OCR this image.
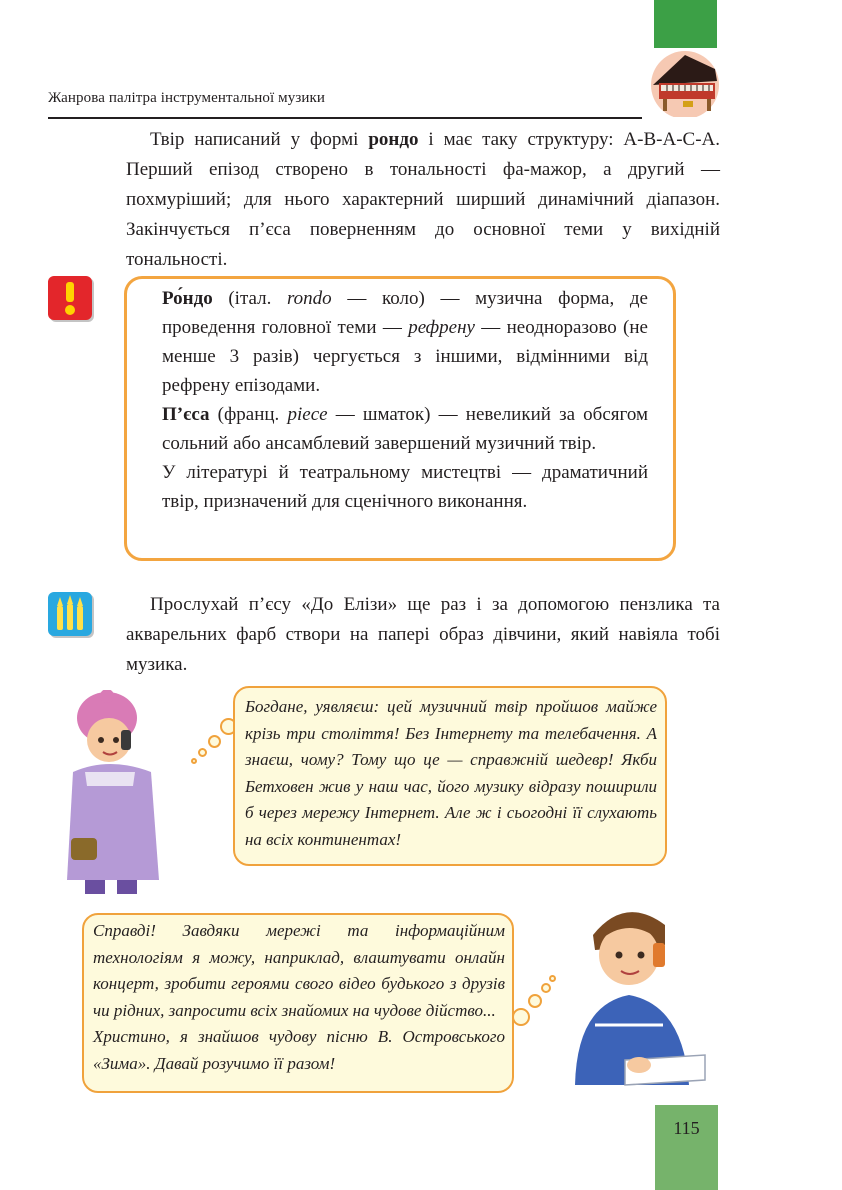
Жанрова палітра інструментальної музики

Твір написаний у формі рондо і має таку структуру: А-В-А-С-А. Перший епізод створено в тональності фа-мажор, а другий — похмуріший; для нього характерний ширший динамічний діапазон. Закінчується п’єса поверненням до основної теми у вихідній тональності.

Ро́ндо (італ. rondo — коло) — музична форма, де проведення головної теми — рефрену — неодноразово (не менше 3 разів) чергується з іншими, відмінними від рефрену епізодами.

П’єса (франц. piece — шматок) — невеликий за обсягом сольний або ансамблевий завершений музичний твір.

У літературі й театральному мистецтві — драматичний твір, призначений для сценічного виконання.

Прослухай п’єсу «До Елізи» ще раз і за допомогою пензлика та акварельних фарб створи на папері образ дівчини, який навіяла тобі музика.

Богдане, уявляєш: цей музичний твір пройшов майже крізь три століття! Без Інтернету та телебачення. А знаєш, чому? Тому що це — справжній шедевр! Якби Бетховен жив у наш час, його музику відразу поширили б через мережу Інтернет. Але ж і сьогодні її слухають на всіх континентах!

Справді! Завдяки мережі та інформаційним технологіям я можу, наприклад, влаштувати онлайн концерт, зробити героями свого відео будького з друзів чи рідних, запросити всіх знайомих на чудове дійство...

Христино, я знайшов чудову пісню В. Островського «Зима». Давай розучимо її разом!

115
